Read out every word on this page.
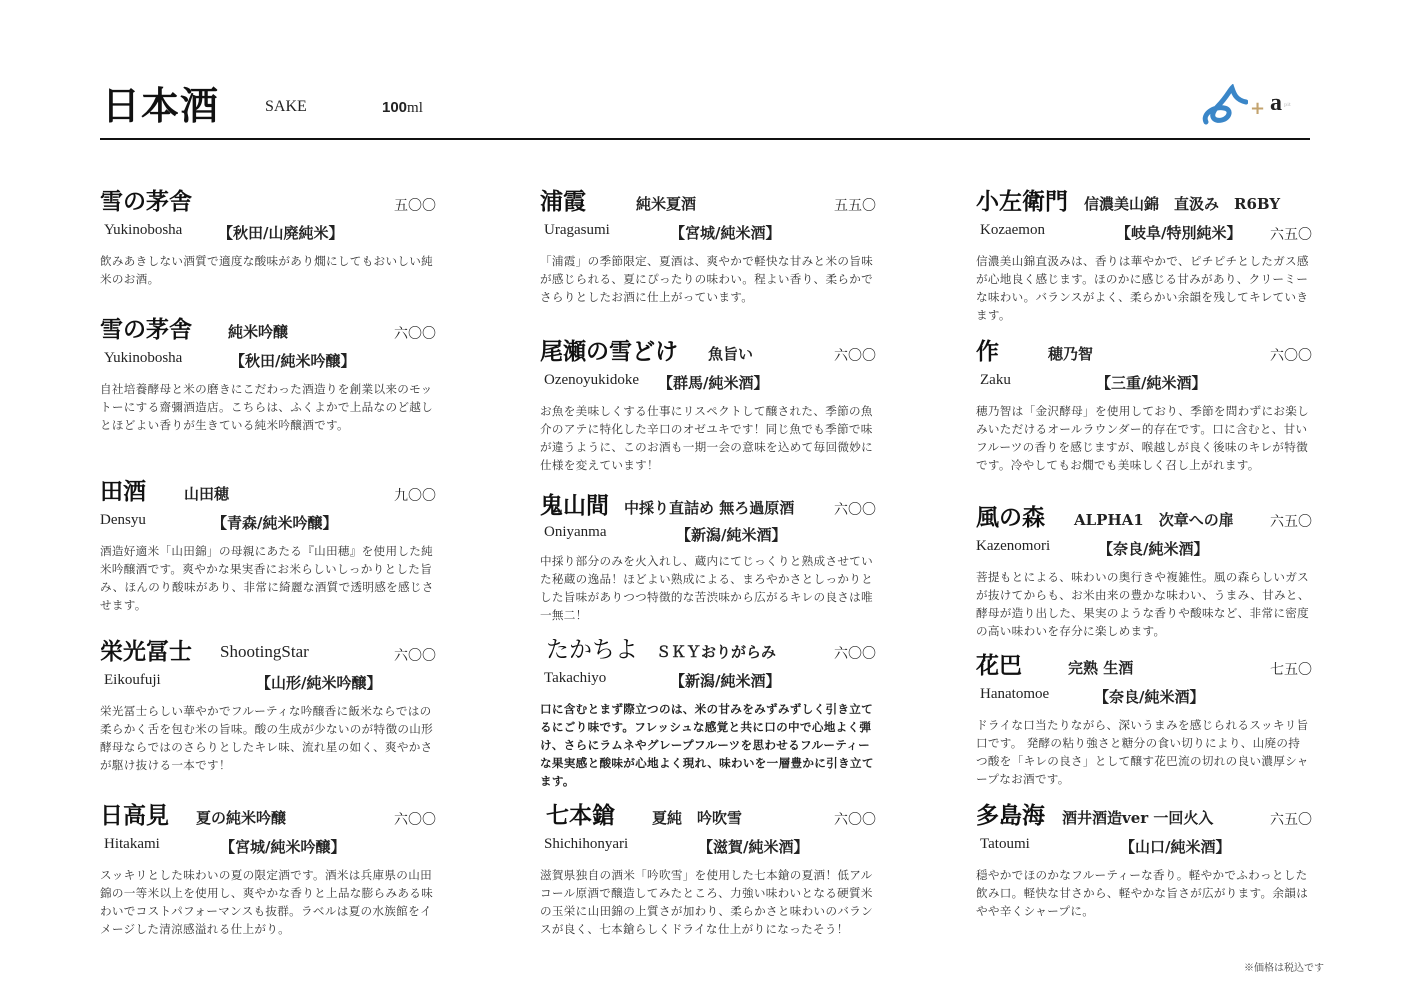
日本酒	SAKE	100ml	+ a pit
雪の茅舎	五〇〇
Yukinobosha 【秋田/山廃純米】

飲みあきしない酒質で適度な酸味があり燗にしてもおいしい純米のお酒。

雪の茅舎 純米吟醸	六〇〇
Yukinobosha	【秋田/純米吟醸】

自社培養酵母と米の磨きにこだわった酒造りを創業以来のモットーにする齋彌酒造店。こちらは、ふくよかで上品なのど越しとほどよい香りが生きている純米吟醸酒です。

田酒	山田穂	九〇〇
Densyu	【青森/純米吟醸】

酒造好適米「山田錦」の母親にあたる『山田穂』を使用した純米吟醸酒です。爽やかな果実香にお米らしいしっかりとした旨み、ほんのり酸味があり、非常に綺麗な酒質で透明感を感じさせます。

栄光冨士 ShootingStar	六〇〇
Eikoufuji	【山形/純米吟醸】

栄光冨士らしい華やかでフルーティな吟醸香に飯米ならではの柔らかく舌を包む米の旨味。酸の生成が少ないのが特徴の山形酵母ならではのさらりとしたキレ味、流れ星の如く、爽やかさが駆け抜ける一本です！

日高見 夏の純米吟醸	六〇〇
Hitakami	【宮城/純米吟醸】

スッキリとした味わいの夏の限定酒です。酒米は兵庫県の山田錦の一等米以上を使用し、爽やかな香りと上品な膨らみある味わいでコストパフォーマンスも抜群。ラベルは夏の水族館をイメージした清涼感溢れる仕上がり。

浦霞	純米夏酒	五五〇
Uragasumi	【宮城/純米酒】

「浦霞」の季節限定、夏酒は、爽やかで軽快な甘みと米の旨味が感じられる、夏にぴったりの味わい。程よい香り、柔らかでさらりとしたお酒に仕上がっています。

尾瀬の雪どけ 魚旨い	六〇〇
Ozenoyukidoke 【群馬/純米酒】

お魚を美味しくする仕事にリスペクトして醸された、季節の魚介のアテに特化した辛口のオゼユキです！同じ魚でも季節で味が違うように、このお酒も一期一会の意味を込めて毎回微妙に仕様を変えています！

鬼山間 中採り直詰め 無ろ過原酒	六〇〇
Oniyanma	【新潟/純米酒】

中採り部分のみを火入れし、蔵内にてじっくりと熟成させていた秘蔵の逸品！ほどよい熟成による、まろやかさとしっかりとした旨味がありつつ特徴的な苦渋味から広がるキレの良さは唯一無二！

たかちよ ＳＫＹおりがらみ	六〇〇
Takachiyo	【新潟/純米酒】

口に含むとまず際立つのは、米の甘みをみずみずしく引き立てるにごり味です。フレッシュな感覚と共に口の中で心地よく弾け、さらにラムネやグレープフルーツを思わせるフルーティーな果実感と酸味が心地よく現れ、味わいを一層豊かに引き立てます。

七本鎗 夏純　吟吹雪	六〇〇
Shichihonyari	【滋賀/純米酒】

滋賀県独自の酒米「吟吹雪」を使用した七本鎗の夏酒！低アルコール原酒で醸造してみたところ、力強い味わいとなる硬質米の玉栄に山田錦の上質さが加わり、柔らかさと味わいのバランスが良く、七本鎗らしくドライな仕上がりになったそう！

小左衛門 信濃美山錦　直汲み　R6BY
Kozaemon	【岐阜/特別純米】 六五〇

信濃美山錦直汲みは、香りは華やかで、ピチピチとしたガス感が心地良く感じます。ほのかに感じる甘みがあり、クリーミーな味わい。バランスがよく、柔らかい余韻を残してキレていきます。

作	穂乃智	六〇〇
Zaku	【三重/純米酒】

穂乃智は「金沢酵母」を使用しており、季節を問わずにお楽しみいただけるオールラウンダー的存在です。口に含むと、甘いフルーツの香りを感じますが、喉越しが良く後味のキレが特徴です。冷やしてもお燗でも美味しく召し上がれます。

風の森 ALPHA1　次章への扉	六五〇
Kazenomori	【奈良/純米酒】

菩提もとによる、味わいの奥行きや複雑性。風の森らしいガスが抜けてからも、お米由来の豊かな味わい、うまみ、甘みと、酵母が造り出した、果実のような香りや酸味など、非常に密度の高い味わいを存分に楽しめます。

花巴	完熟 生酒	七五〇
Hanatomoe	【奈良/純米酒】

ドライな口当たりながら、深いうまみを感じられるスッキリ旨口です。 発酵の粘り強さと糖分の食い切りにより、山廃の持つ酸を「キレの良さ」として醸す花巴流の切れの良い濃厚シャープなお酒です。

多島海 酒井酒造ver 一回火入	六五〇
Tatoumi	【山口/純米酒】

穏やかでほのかなフルーティーな香り。軽やかでふわっとした飲み口。軽快な甘さから、軽やかな旨さが広がります。余韻はやや辛くシャープに。

※価格は税込です
